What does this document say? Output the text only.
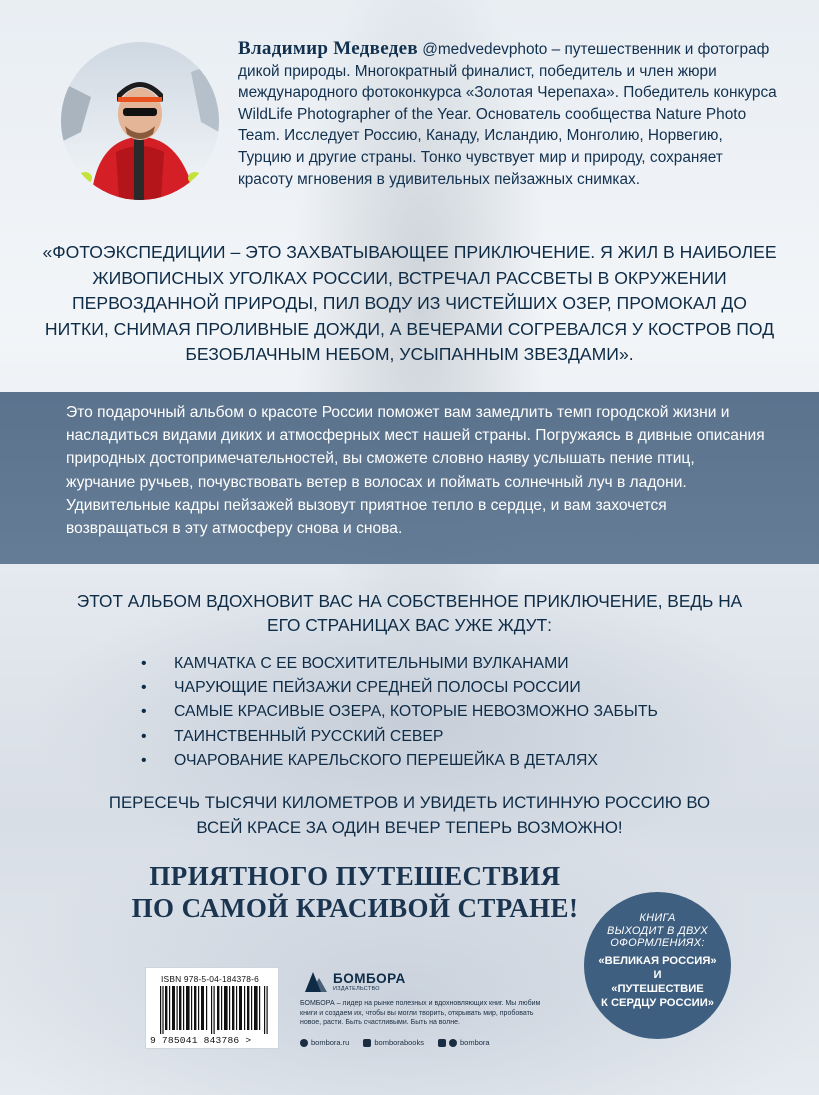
Владимир Медведев @medvedevphoto – путешественник и фотограф дикой природы. Многократный финалист, победитель и член жюри международного фотоконкурса «Золотая Черепаха». Победитель конкурса WildLife Photographer of the Year. Основатель сообщества Nature Photo Team. Исследует Россию, Канаду, Исландию, Монголию, Норвегию, Турцию и другие страны. Тонко чувствует мир и природу, сохраняет красоту мгновения в удивительных пейзажных снимках.
«ФОТОЭКСПЕДИЦИИ – ЭТО ЗАХВАТЫВАЮЩЕЕ ПРИКЛЮЧЕНИЕ. Я ЖИЛ В НАИБОЛЕЕ ЖИВОПИСНЫХ УГОЛКАХ РОССИИ, ВСТРЕЧАЛ РАССВЕТЫ В ОКРУЖЕНИИ ПЕРВОЗДАННОЙ ПРИРОДЫ, ПИЛ ВОДУ ИЗ ЧИСТЕЙШИХ ОЗЕР, ПРОМОКАЛ ДО НИТКИ, СНИМАЯ ПРОЛИВНЫЕ ДОЖДИ, А ВЕЧЕРАМИ СОГРЕВАЛСЯ У КОСТРОВ ПОД БЕЗОБЛАЧНЫМ НЕБОМ, УСЫПАННЫМ ЗВЕЗДАМИ».
Это подарочный альбом о красоте России поможет вам замедлить темп городской жизни и насладиться видами диких и атмосферных мест нашей страны. Погружаясь в дивные описания природных достопримечательностей, вы сможете словно наяву услышать пение птиц, журчание ручьев, почувствовать ветер в волосах и поймать солнечный луч в ладони. Удивительные кадры пейзажей вызовут приятное тепло в сердце, и вам захочется возвращаться в эту атмосферу снова и снова.
ЭТОТ АЛЬБОМ ВДОХНОВИТ ВАС НА СОБСТВЕННОЕ ПРИКЛЮЧЕНИЕ, ВЕДЬ НА ЕГО СТРАНИЦАХ ВАС УЖЕ ЖДУТ:
• КАМЧАТКА С ЕЕ ВОСХИТИТЕЛЬНЫМИ ВУЛКАНАМИ
• ЧАРУЮЩИЕ ПЕЙЗАЖИ СРЕДНЕЙ ПОЛОСЫ РОССИИ
• САМЫЕ КРАСИВЫЕ ОЗЕРА, КОТОРЫЕ НЕВОЗМОЖНО ЗАБЫТЬ
• ТАИНСТВЕННЫЙ РУССКИЙ СЕВЕР
• ОЧАРОВАНИЕ КАРЕЛЬСКОГО ПЕРЕШЕЙКА В ДЕТАЛЯХ
ПЕРЕСЕЧЬ ТЫСЯЧИ КИЛОМЕТРОВ И УВИДЕТЬ ИСТИННУЮ РОССИЮ ВО ВСЕЙ КРАСЕ ЗА ОДИН ВЕЧЕР ТЕПЕРЬ ВОЗМОЖНО!
ПРИЯТНОГО ПУТЕШЕСТВИЯ
ПО САМОЙ КРАСИВОЙ СТРАНЕ!	КНИГА
ВЫХОДИТ В ДВУХ
ОФОРМЛЕНИЯХ:
«ВЕЛИКАЯ РОССИЯ»
И
«ПУТЕШЕСТВИЕ
К СЕРДЦУ РОССИИ»
ISBN 978-5-04-184378-6
9 785041 843786 >
БОМБОРА
ИЗДАТЕЛЬСТВО
БОМБОРА – лидер на рынке полезных и вдохновляющих книг. Мы любим книги и создаем их, чтобы вы могли творить, открывать мир, пробовать новое, расти. Быть счастливыми. Быть на волне.
bombora.ru	bomborabooks	bombora
